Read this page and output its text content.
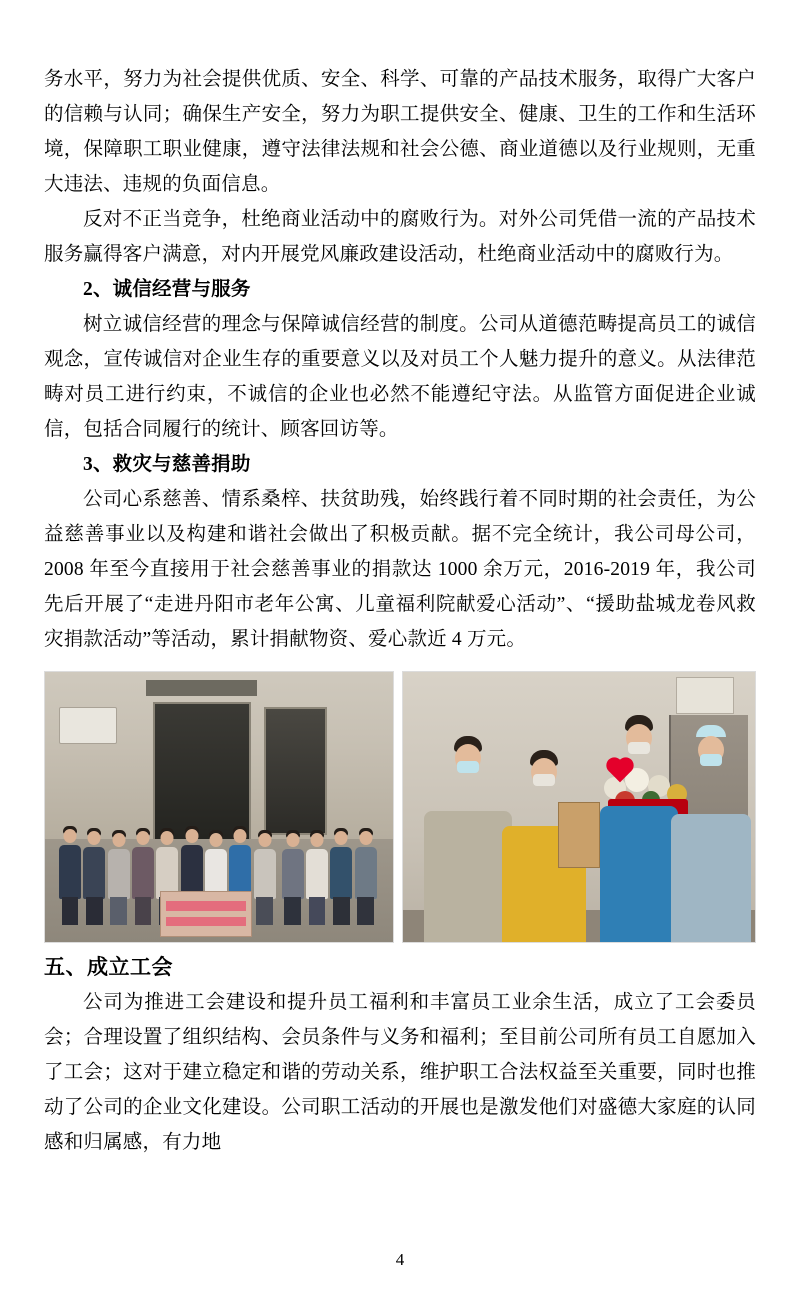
务水平，努力为社会提供优质、安全、科学、可靠的产品技术服务，取得广大客户的信赖与认同；确保生产安全，努力为职工提供安全、健康、卫生的工作和生活环境，保障职工职业健康，遵守法律法规和社会公德、商业道德以及行业规则，无重大违法、违规的负面信息。

反对不正当竞争，杜绝商业活动中的腐败行为。对外公司凭借一流的产品技术服务赢得客户满意，对内开展党风廉政建设活动，杜绝商业活动中的腐败行为。

2、诚信经营与服务

树立诚信经营的理念与保障诚信经营的制度。公司从道德范畴提高员工的诚信观念，宣传诚信对企业生存的重要意义以及对员工个人魅力提升的意义。从法律范畴对员工进行约束，不诚信的企业也必然不能遵纪守法。从监管方面促进企业诚信，包括合同履行的统计、顾客回访等。

3、救灾与慈善捐助

公司心系慈善、情系桑梓、扶贫助残，始终践行着不同时期的社会责任，为公益慈善事业以及构建和谐社会做出了积极贡献。据不完全统计，我公司母公司，2008 年至今直接用于社会慈善事业的捐款达 1000 余万元，2016-2019 年，我公司先后开展了“走进丹阳市老年公寓、儿童福利院献爱心活动”、“援助盐城龙卷风救灾捐款活动”等活动，累计捐献物资、爱心款近 4 万元。

五、成立工会

公司为推进工会建设和提升员工福利和丰富员工业余生活，成立了工会委员会；合理设置了组织结构、会员条件与义务和福利；至目前公司所有员工自愿加入了工会；这对于建立稳定和谐的劳动关系，维护职工合法权益至关重要，同时也推动了公司的企业文化建设。公司职工活动的开展也是激发他们对盛德大家庭的认同感和归属感，有力地

4
